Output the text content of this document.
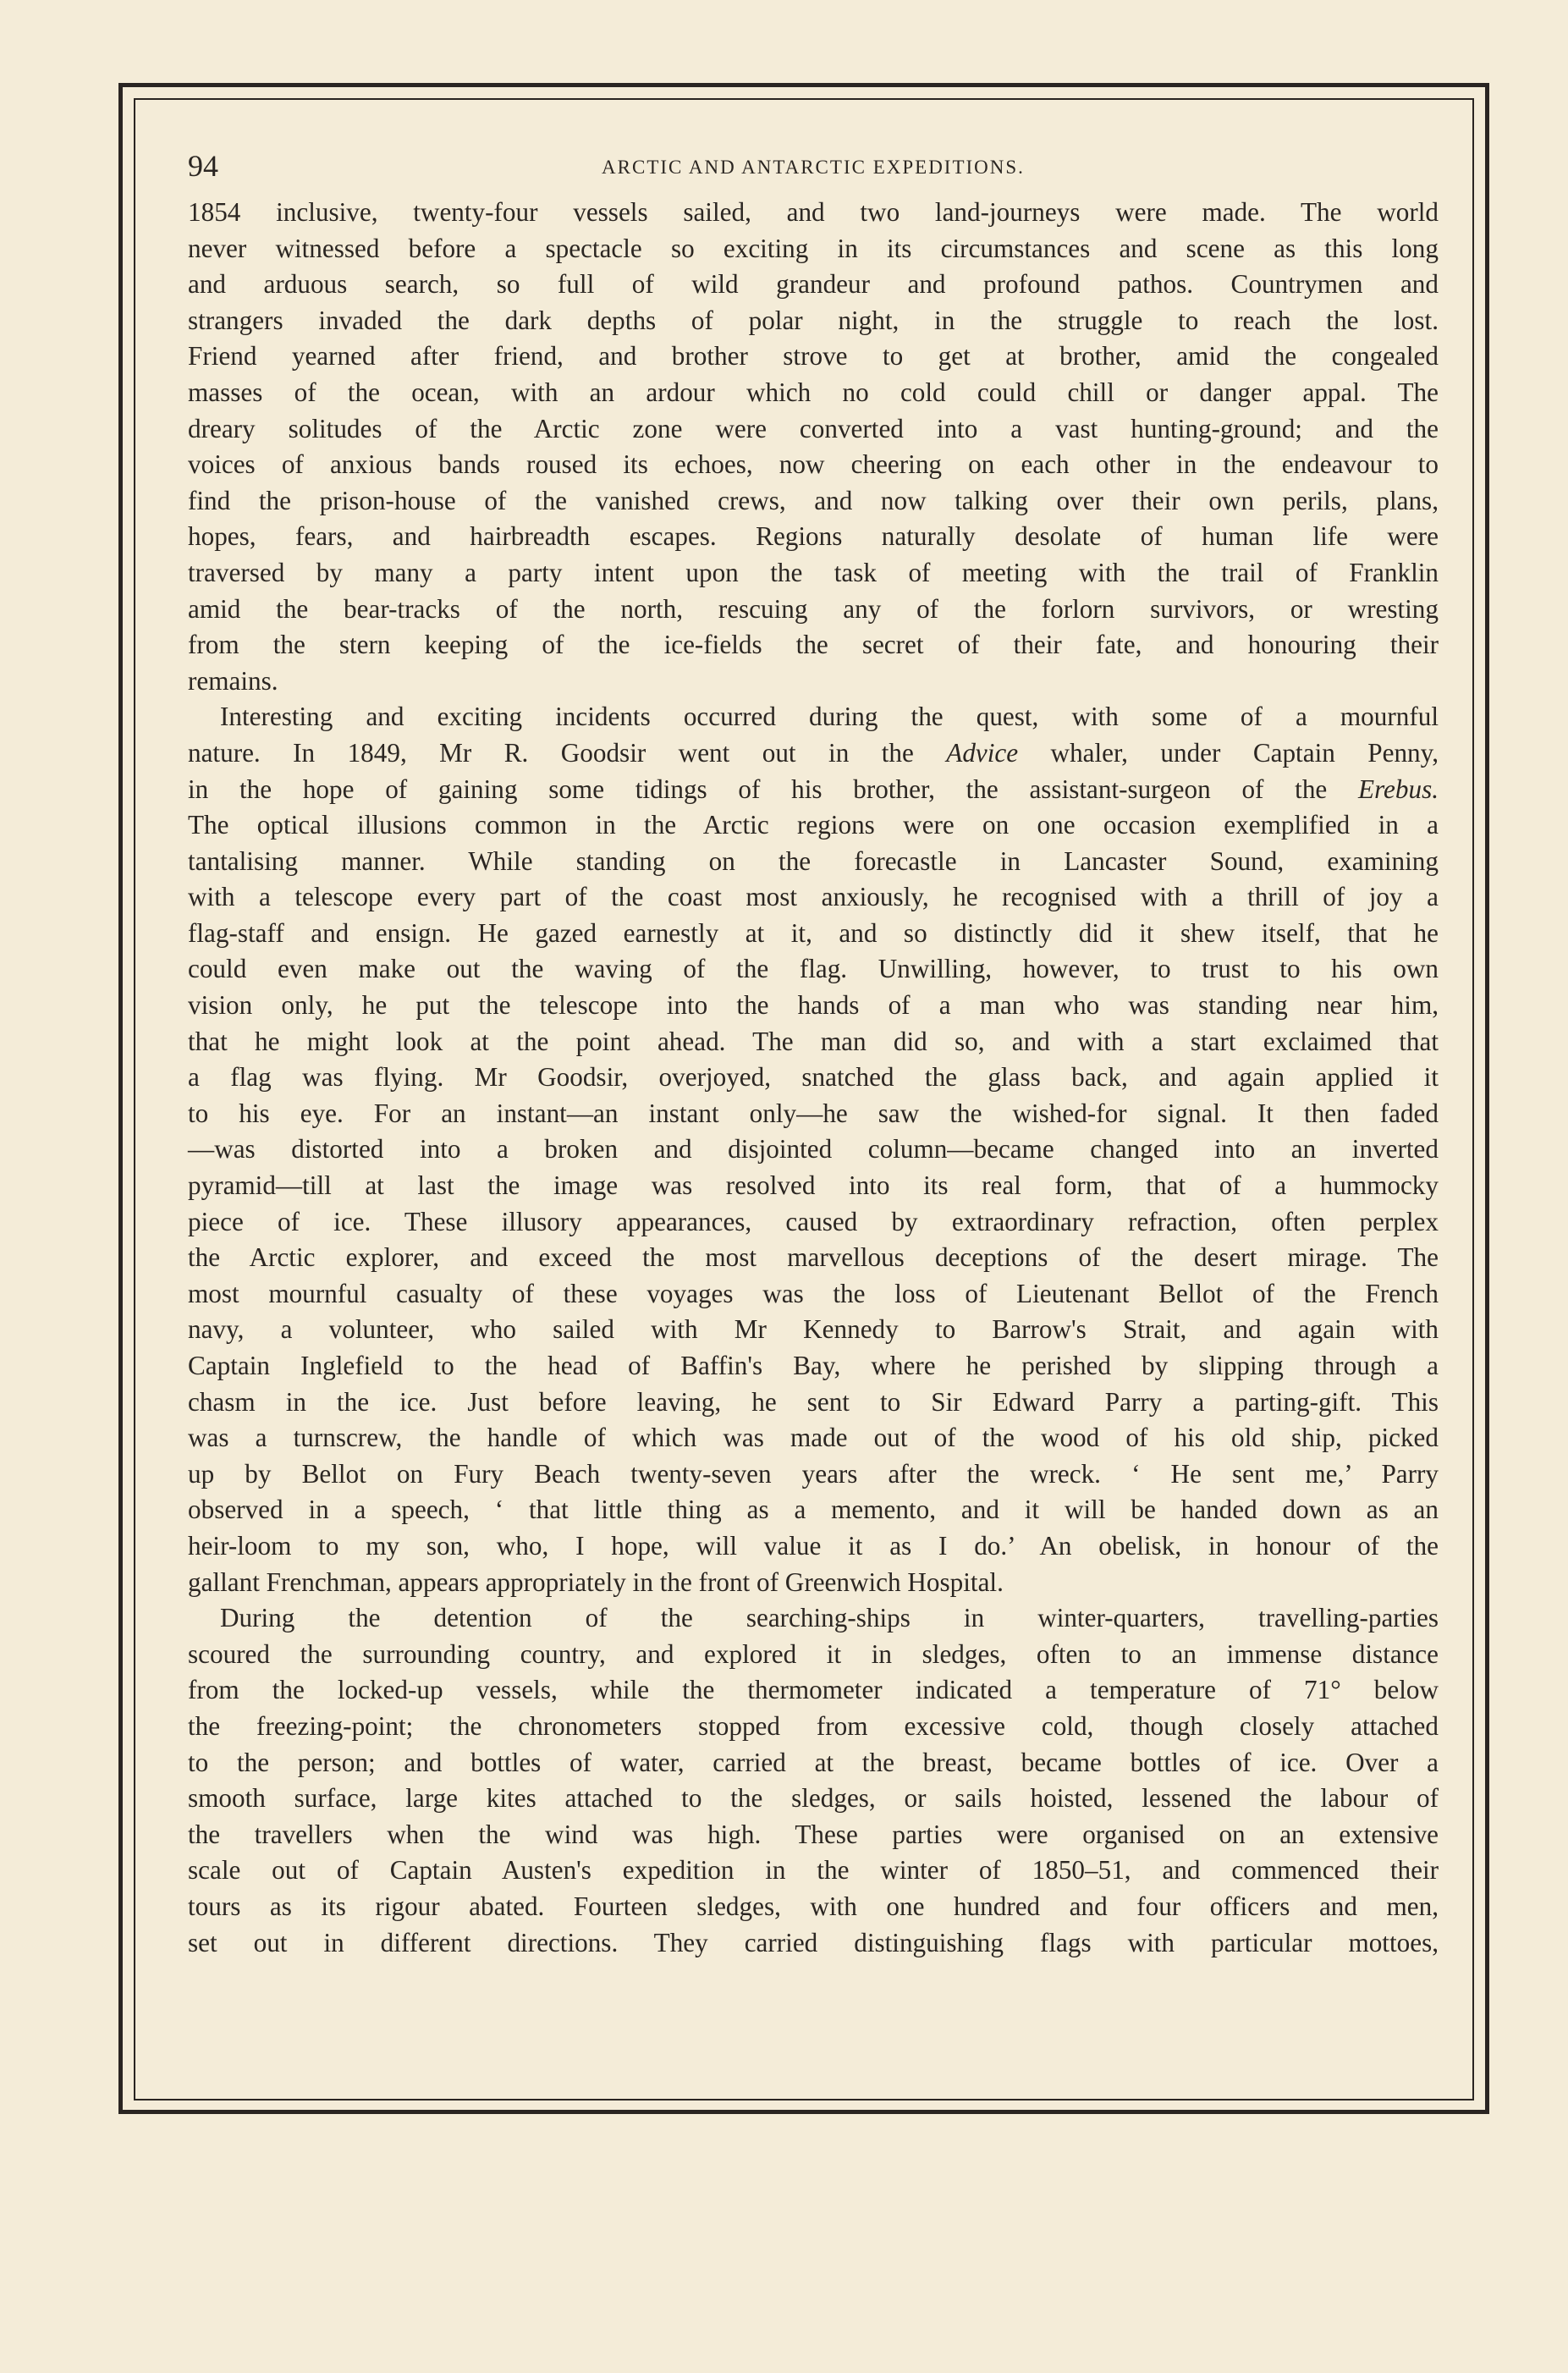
94	ARCTIC AND ANTARCTIC EXPEDITIONS.
1854 inclusive, twenty-four vessels sailed, and two land-journeys were made. The world
never witnessed before a spectacle so exciting in its circumstances and scene as this long
and arduous search, so full of wild grandeur and profound pathos. Countrymen and
strangers invaded the dark depths of polar night, in the struggle to reach the lost.
Friend yearned after friend, and brother strove to get at brother, amid the congealed
masses of the ocean, with an ardour which no cold could chill or danger appal. The
dreary solitudes of the Arctic zone were converted into a vast hunting-ground; and the
voices of anxious bands roused its echoes, now cheering on each other in the endeavour to
find the prison-house of the vanished crews, and now talking over their own perils, plans,
hopes, fears, and hairbreadth escapes. Regions naturally desolate of human life were
traversed by many a party intent upon the task of meeting with the trail of Franklin
amid the bear-tracks of the north, rescuing any of the forlorn survivors, or wresting
from the stern keeping of the ice-fields the secret of their fate, and honouring their
remains.
Interesting and exciting incidents occurred during the quest, with some of a mournful
nature. In 1849, Mr R. Goodsir went out in the Advice whaler, under Captain Penny,
in the hope of gaining some tidings of his brother, the assistant-surgeon of the Erebus.
The optical illusions common in the Arctic regions were on one occasion exemplified in a
tantalising manner. While standing on the forecastle in Lancaster Sound, examining
with a telescope every part of the coast most anxiously, he recognised with a thrill of joy a
flag-staff and ensign. He gazed earnestly at it, and so distinctly did it shew itself, that he
could even make out the waving of the flag. Unwilling, however, to trust to his own
vision only, he put the telescope into the hands of a man who was standing near him,
that he might look at the point ahead. The man did so, and with a start exclaimed that
a flag was flying. Mr Goodsir, overjoyed, snatched the glass back, and again applied it
to his eye. For an instant—an instant only—he saw the wished-for signal. It then faded
—was distorted into a broken and disjointed column—became changed into an inverted
pyramid—till at last the image was resolved into its real form, that of a hummocky
piece of ice. These illusory appearances, caused by extraordinary refraction, often perplex
the Arctic explorer, and exceed the most marvellous deceptions of the desert mirage. The
most mournful casualty of these voyages was the loss of Lieutenant Bellot of the French
navy, a volunteer, who sailed with Mr Kennedy to Barrow's Strait, and again with
Captain Inglefield to the head of Baffin's Bay, where he perished by slipping through a
chasm in the ice. Just before leaving, he sent to Sir Edward Parry a parting-gift. This
was a turnscrew, the handle of which was made out of the wood of his old ship, picked
up by Bellot on Fury Beach twenty-seven years after the wreck. ‘ He sent me,’ Parry
observed in a speech, ‘ that little thing as a memento, and it will be handed down as an
heir-loom to my son, who, I hope, will value it as I do.’ An obelisk, in honour of the
gallant Frenchman, appears appropriately in the front of Greenwich Hospital.
During the detention of the searching-ships in winter-quarters, travelling-parties
scoured the surrounding country, and explored it in sledges, often to an immense distance
from the locked-up vessels, while the thermometer indicated a temperature of 71° below
the freezing-point; the chronometers stopped from excessive cold, though closely attached
to the person; and bottles of water, carried at the breast, became bottles of ice. Over a
smooth surface, large kites attached to the sledges, or sails hoisted, lessened the labour of
the travellers when the wind was high. These parties were organised on an extensive
scale out of Captain Austen's expedition in the winter of 1850–51, and commenced their
tours as its rigour abated. Fourteen sledges, with one hundred and four officers and men,
set out in different directions. They carried distinguishing flags with particular mottoes,
